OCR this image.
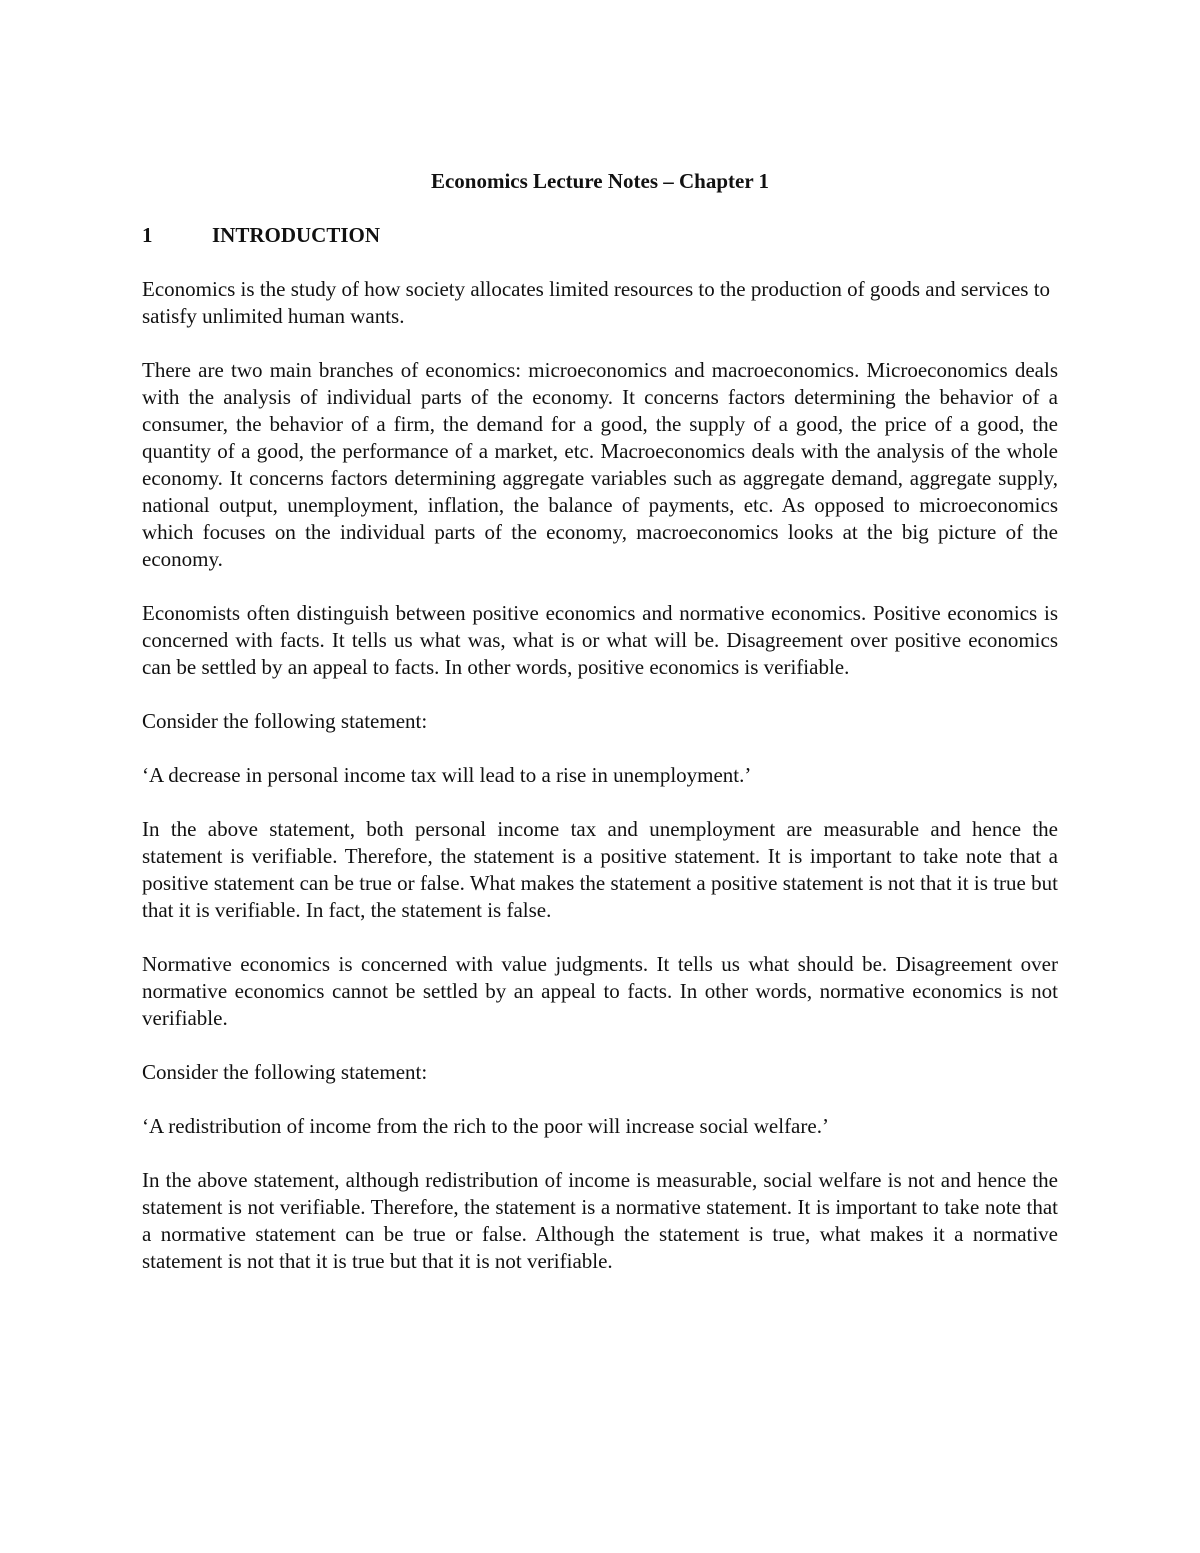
Economics Lecture Notes – Chapter 1
1	INTRODUCTION

Economics is the study of how society allocates limited resources to the production of goods and services to satisfy unlimited human wants.

There are two main branches of economics: microeconomics and macroeconomics. Microeconomics deals with the analysis of individual parts of the economy. It concerns factors determining the behavior of a consumer, the behavior of a firm, the demand for a good, the supply of a good, the price of a good, the quantity of a good, the performance of a market, etc. Macroeconomics deals with the analysis of the whole economy. It concerns factors determining aggregate variables such as aggregate demand, aggregate supply, national output, unemployment, inflation, the balance of payments, etc. As opposed to microeconomics which focuses on the individual parts of the economy, macroeconomics looks at the big picture of the economy.

Economists often distinguish between positive economics and normative economics. Positive economics is concerned with facts. It tells us what was, what is or what will be. Disagreement over positive economics can be settled by an appeal to facts. In other words, positive economics is verifiable.

Consider the following statement:

‘A decrease in personal income tax will lead to a rise in unemployment.’

In the above statement, both personal income tax and unemployment are measurable and hence the statement is verifiable. Therefore, the statement is a positive statement. It is important to take note that a positive statement can be true or false. What makes the statement a positive statement is not that it is true but that it is verifiable. In fact, the statement is false.

Normative economics is concerned with value judgments. It tells us what should be. Disagreement over normative economics cannot be settled by an appeal to facts. In other words, normative economics is not verifiable.

Consider the following statement:

‘A redistribution of income from the rich to the poor will increase social welfare.’

In the above statement, although redistribution of income is measurable, social welfare is not and hence the statement is not verifiable. Therefore, the statement is a normative statement. It is important to take note that a normative statement can be true or false. Although the statement is true, what makes it a normative statement is not that it is true but that it is not verifiable.
